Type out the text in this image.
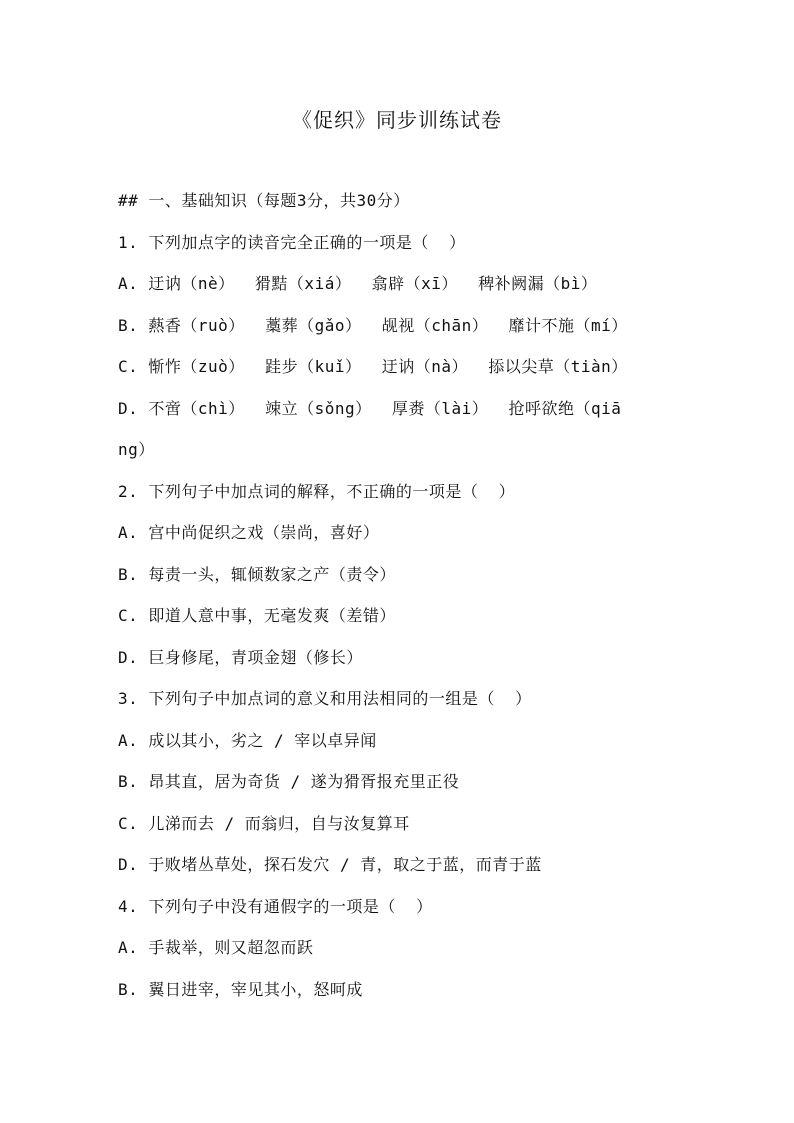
《促织》同步训练试卷
## 一、基础知识（每题3分，共30分）
1. 下列加点字的读音完全正确的一项是（  ）
A. 迂讷（nè）  猾黠（xiá）  翕辟（xī）  稗补阙漏（bì）
B. 爇香（ruò）  藁葬（gǎo）  觇视（chān）  靡计不施（mí）
C. 惭怍（zuò）  跬步（kuǐ）  迂讷（nà）  掭以尖草（tiàn）
D. 不啻（chì）  竦立（sǒng）  厚赉（lài）  抢呼欲绝（qiā
ng）
2. 下列句子中加点词的解释，不正确的一项是（  ）
A. 宫中尚促织之戏（崇尚，喜好）
B. 每责一头，辄倾数家之产（责令）
C. 即道人意中事，无毫发爽（差错）
D. 巨身修尾，青项金翅（修长）
3. 下列句子中加点词的意义和用法相同的一组是（  ）
A. 成以其小，劣之 / 宰以卓异闻
B. 昂其直，居为奇货 / 遂为猾胥报充里正役
C. 儿涕而去 / 而翁归，自与汝复算耳
D. 于败堵丛草处，探石发穴 / 青，取之于蓝，而青于蓝
4. 下列句子中没有通假字的一项是（  ）
A. 手裁举，则又超忽而跃
B. 翼日进宰，宰见其小，怒呵成
